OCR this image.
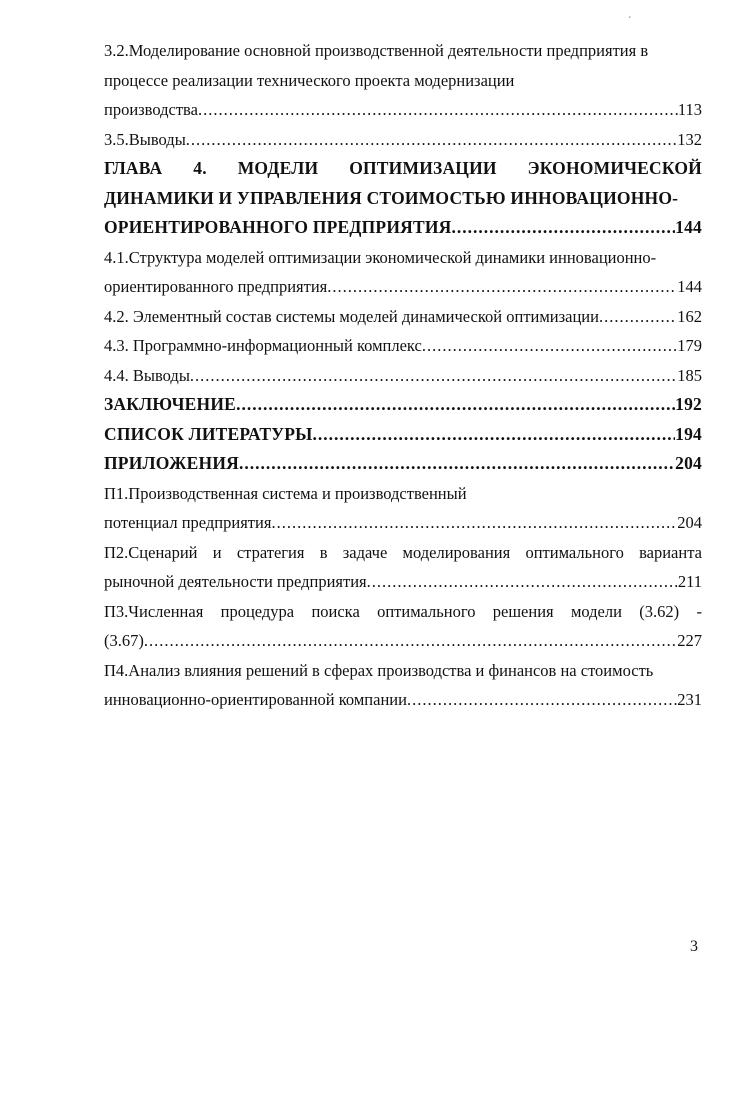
ˊ
3.2.Моделирование основной производственной деятельности предприятия в
процессе реализации технического проекта модернизации
производства .....	113
3.5.Выводы .....	132
ГЛАВА 4. МОДЕЛИ ОПТИМИЗАЦИИ ЭКОНОМИЧЕСКОЙ
ДИНАМИКИ И УПРАВЛЕНИЯ СТОИМОСТЬЮ ИННОВАЦИОННО-
ОРИЕНТИРОВАННОГО ПРЕДПРИЯТИЯ .....	144
4.1.Структура моделей оптимизации экономической динамики инновационно-
ориентированного предприятия .....	144
4.2. Элементный состав системы моделей динамической оптимизации .....	162
4.3. Программно-информационный комплекс .....	179
4.4. Выводы .....	185
ЗАКЛЮЧЕНИЕ .....	192
СПИСОК ЛИТЕРАТУРЫ .....	194
ПРИЛОЖЕНИЯ .....	204
П1.Производственная система и производственный
потенциал предприятия .....	204
П2.Сценарий и стратегия в задаче моделирования оптимального варианта
рыночной деятельности предприятия .....	211
П3.Численная процедура поиска оптимального решения модели (3.62) -
(3.67) .....	227
П4.Анализ влияния решений в сферах производства и финансов на стоимость
инновационно-ориентированной компании .....	231
3
